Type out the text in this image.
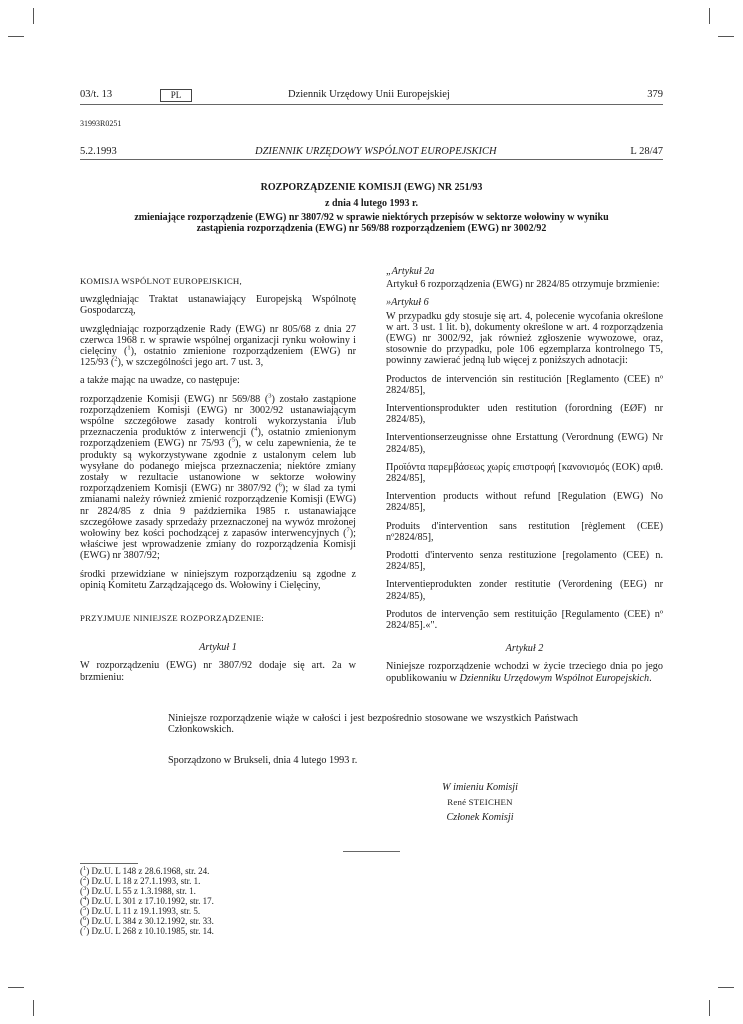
03/t. 13	Dziennik Urzędowy Unii Europejskiej	379
PL
31993R0251
5.2.1993	DZIENNIK URZĘDOWY WSPÓLNOT EUROPEJSKICH	L 28/47
ROZPORZĄDZENIE KOMISJI (EWG) NR 251/93
z dnia 4 lutego 1993 r.
zmieniające rozporządzenie (EWG) nr 3807/92 w sprawie niektórych przepisów w sektorze wołowiny w wyniku zastąpienia rozporządzenia (EWG) nr 569/88 rozporządzeniem (EWG) nr 3002/92

KOMISJA WSPÓLNOT EUROPEJSKICH,

uwzględniając Traktat ustanawiający Europejską Wspólnotę Gospodarczą,

uwzględniając rozporządzenie Rady (EWG) nr 805/68 z dnia 27 czerwca 1968 r. w sprawie wspólnej organizacji rynku wołowiny i cielęciny ($^1$), ostatnio zmienione rozporządzeniem (EWG) nr 125/93 ($^2$), w szczególności jego art. 7 ust. 3,

a także mając na uwadze, co następuje:

rozporządzenie Komisji (EWG) nr 569/88 ($^3$) zostało zastąpione rozporządzeniem Komisji (EWG) nr 3002/92 ustanawiającym wspólne szczegółowe zasady kontroli wykorzystania i/lub przeznaczenia produktów z interwencji ($^4$), ostatnio zmienionym rozporządzeniem (EWG) nr 75/93 ($^5$), w celu zapewnienia, że te produkty są wykorzystywane zgodnie z ustalonym celem lub wysyłane do podanego miejsca przeznaczenia; niektóre zmiany zostały w rezultacie ustanowione w sektorze wołowiny rozporządzeniem Komisji (EWG) nr 3807/92 ($^6$); w ślad za tymi zmianami należy również zmienić rozporządzenie Komisji (EWG) nr 2824/85 z dnia 9 października 1985 r. ustanawiające szczegółowe zasady sprzedaży przeznaczonej na wywóz mrożonej wołowiny bez kości pochodzącej z zapasów interwencyjnych ($^7$); właściwe jest wprowadzenie zmiany do rozporządzenia Komisji (EWG) nr 3807/92;

środki przewidziane w niniejszym rozporządzeniu są zgodne z opinią Komitetu Zarządzającego ds. Wołowiny i Cielęciny,

PRZYJMUJE NINIEJSZE ROZPORZĄDZENIE:

Artykuł 1

W rozporządzeniu (EWG) nr 3807/92 dodaje się art. 2a w brzmieniu:

„Artykuł 2a

Artykuł 6 rozporządzenia (EWG) nr 2824/85 otrzymuje brzmienie:

»Artykuł 6

W przypadku gdy stosuje się art. 4, polecenie wycofania określone w art. 3 ust. 1 lit. b), dokumenty określone w art. 4 rozporządzenia (EWG) nr 3002/92, jak również zgłoszenie wywozowe, oraz, stosownie do przypadku, pole 106 egzemplarza kontrolnego T5, powinny zawierać jedną lub więcej z poniższych adnotacji:

Productos de intervención sin restitución [Reglamento (CEE) nº 2824/85],

Interventionsprodukter uden restitution (forordning (EØF) nr 2824/85),

Interventionserzeugnisse ohne Erstattung (Verordnung (EWG) Nr 2824/85),

Προϊόντα παρεμβάσεως χωρίς επιστροφή [κανονισμός (ΕΟΚ) αριθ. 2824/85],

Intervention products without refund [Regulation (EWG) No 2824/85],

Produits d'intervention sans restitution [règlement (CEE) nº2824/85],

Prodotti d'intervento senza restituzione [regolamento (CEE) n. 2824/85],

Interventieprodukten zonder restitutie (Verordening (EEG) nr 2824/85),

Produtos de intervenção sem restituição [Regulamento (CEE) nº 2824/85].«".

Artykuł 2

Niniejsze rozporządzenie wchodzi w życie trzeciego dnia po jego opublikowaniu w Dzienniku Urzędowym Wspólnot Europejskich.

Niniejsze rozporządzenie wiąże w całości i jest bezpośrednio stosowane we wszystkich Państwach Członkowskich.
Sporządzono w Brukseli, dnia 4 lutego 1993 r.
W imieniu Komisji
René STEICHEN
Członek Komisji
($^1$) Dz.U. L 148 z 28.6.1968, str. 24.
($^2$) Dz.U. L 18 z 27.1.1993, str. 1.
($^3$) Dz.U. L 55 z 1.3.1988, str. 1.
($^4$) Dz.U. L 301 z 17.10.1992, str. 17.
($^5$) Dz.U. L 11 z 19.1.1993, str. 5.
($^6$) Dz.U. L 384 z 30.12.1992, str. 33.
($^7$) Dz.U. L 268 z 10.10.1985, str. 14.
